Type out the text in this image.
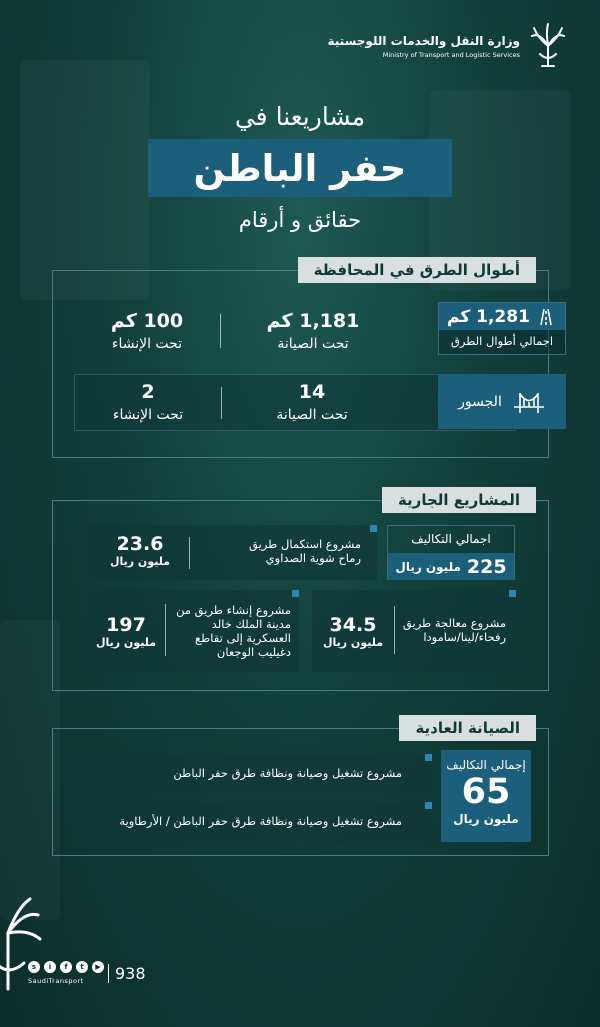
وزارة النقل والخدمات اللوجستية
Ministry of Transport and Logistic Services
مشاريعنا في
حفر الباطن
حقائق و أرقام
أطوال الطرق في المحافظة
1,181 كم
تحت الصيانة
100 كم
تحت الإنشاء
1,281 كم
اجمالي أطوال الطرق
14
تحت الصيانة
2
تحت الإنشاء
الجسور
المشاريع الجارية
اجمالي التكاليف
225
مليون ريال
مشروع استكمال طريق
رماح شوية الصداوي
23.6
مليون ريال
مشروع معالجة طريق
رفحاء/لينا/سامودا
34.5
مليون ريال
مشروع إنشاء طريق من
مدينة الملك خالد
العسكرية إلى تقاطع
دغيليب الوجعان
197
مليون ريال
الصيانة العادية
إجمالي التكاليف
65
مليون ريال
مشروع تشغيل وصيانة ونظافة طرق حفر الباطن
مشروع تشغيل وصيانة ونظافة طرق حفر الباطن / الأرطاوية
s	i	f	t	▶
SaudiTransport	938
